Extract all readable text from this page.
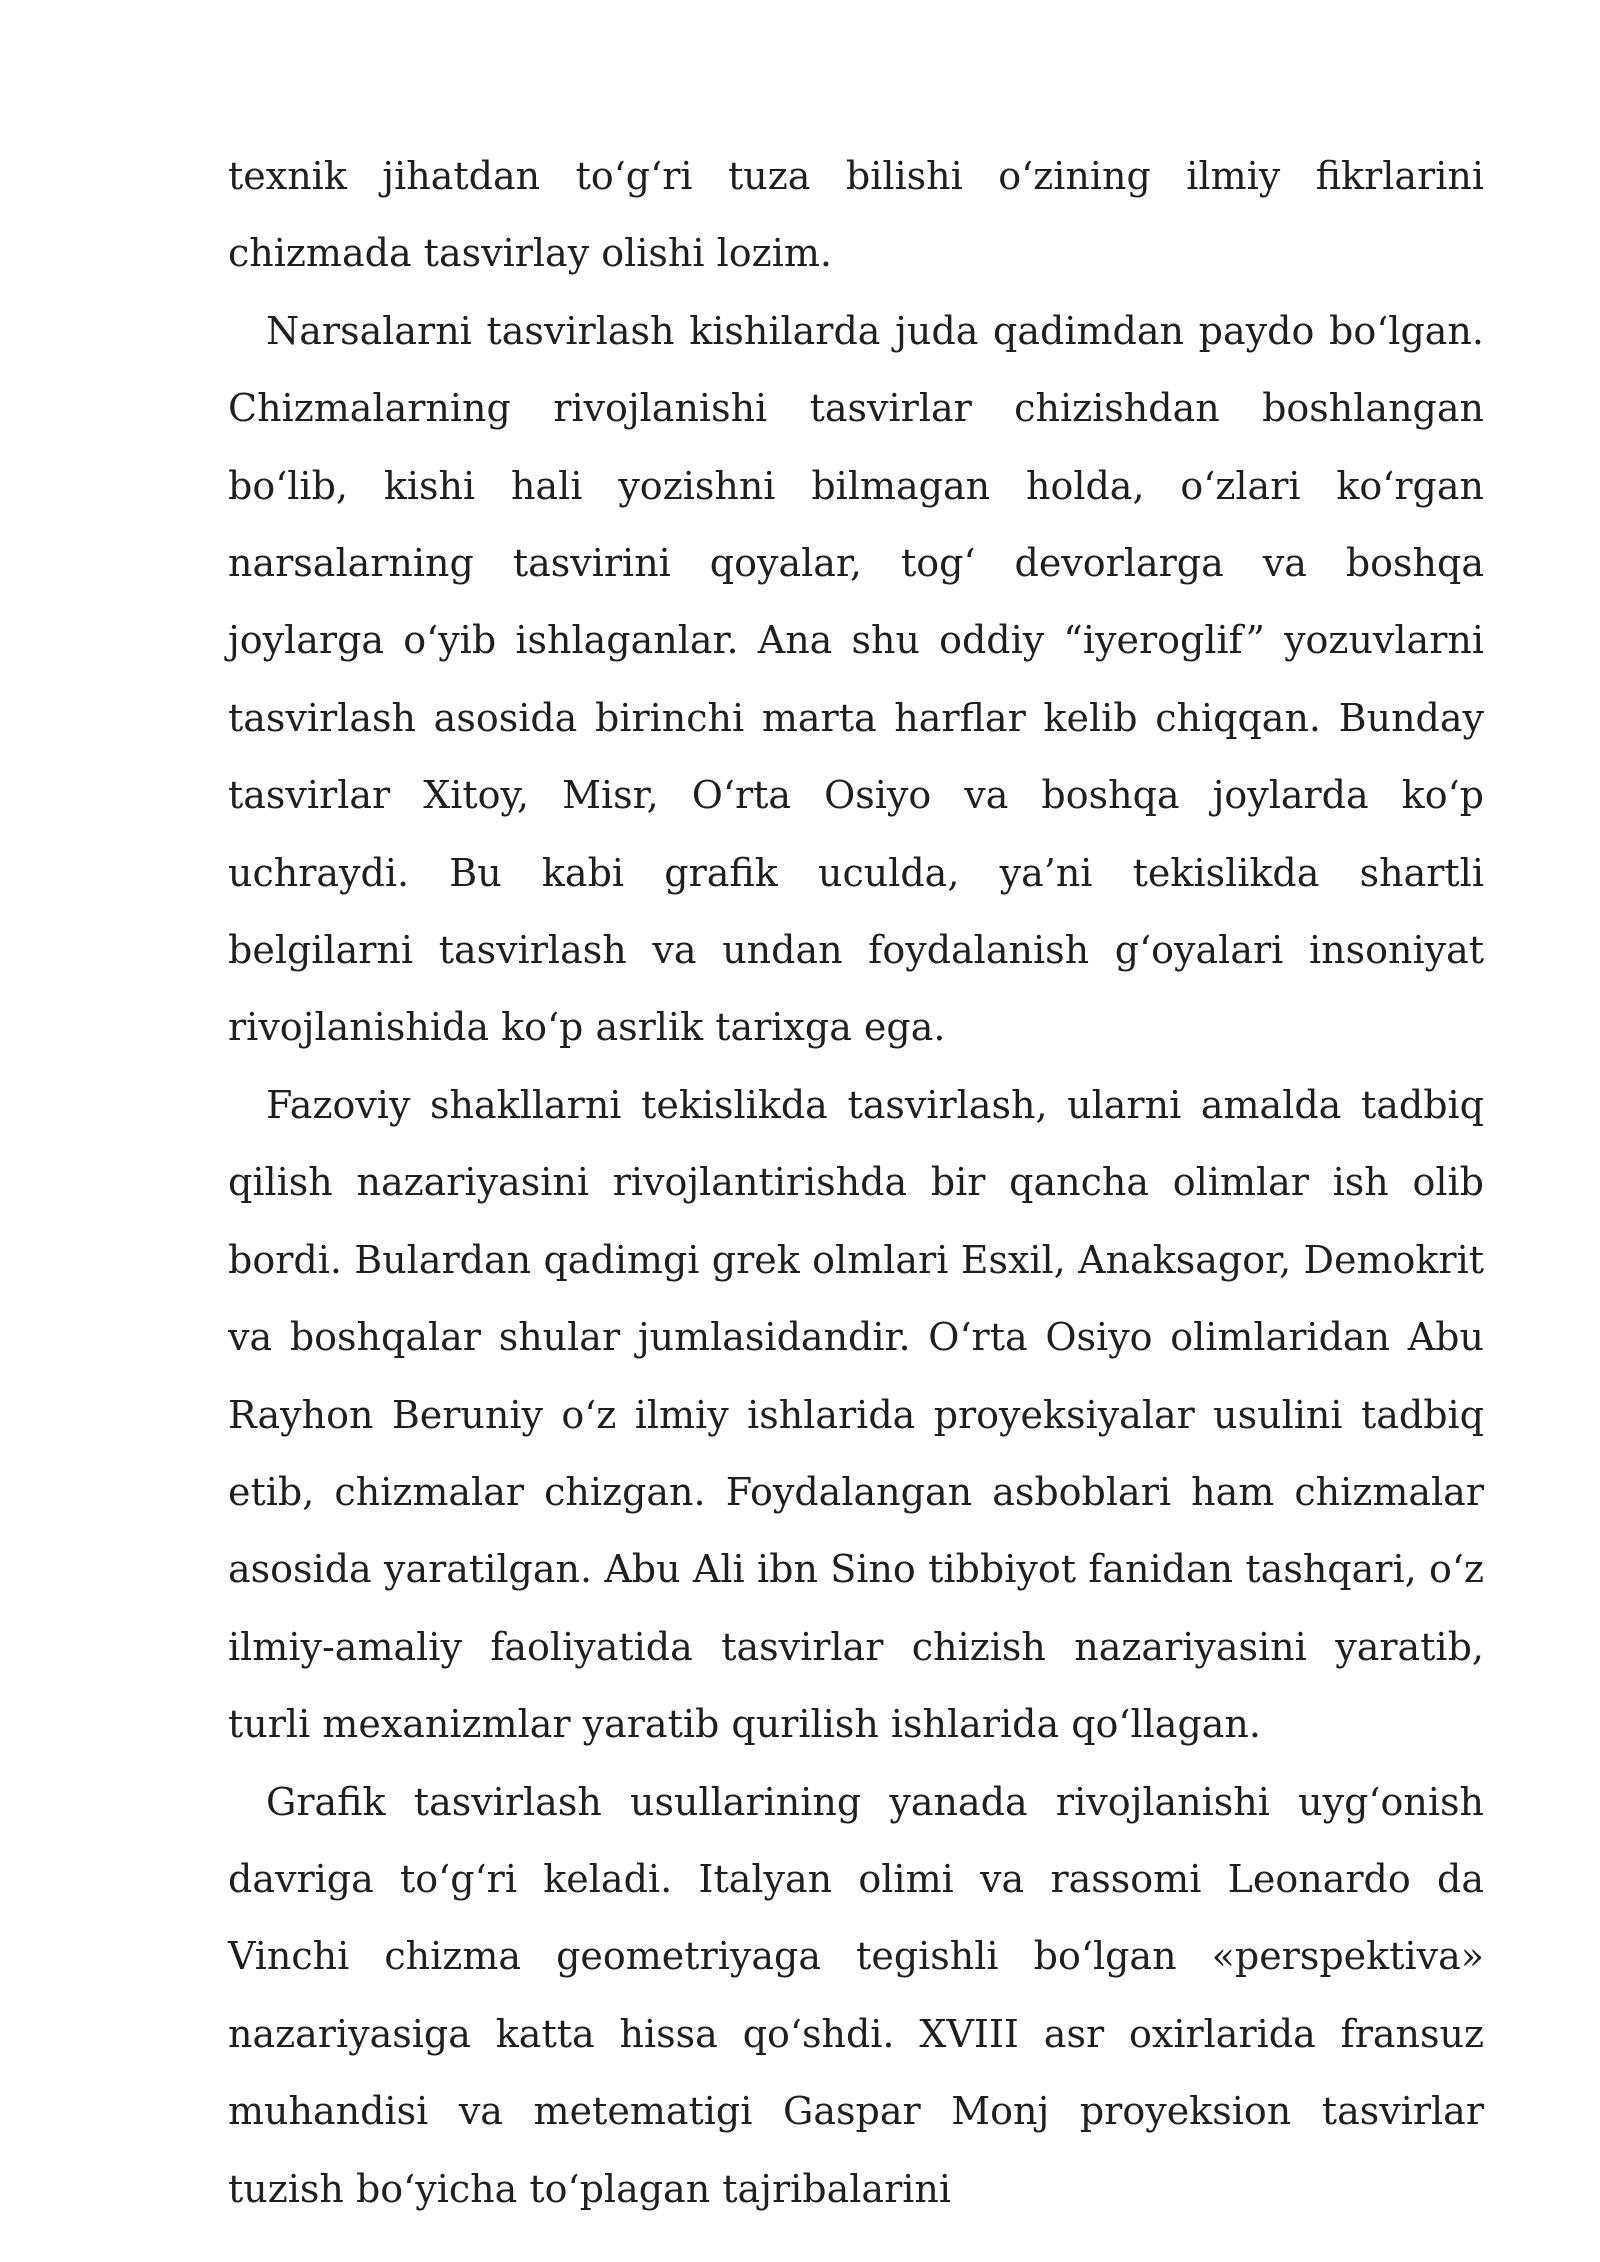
texnik jihatdan to‘g‘ri tuza bilishi o‘zining ilmiy fikrlarini chizmada tasvirlay olishi lozim.

Narsalarni tasvirlash kishilarda juda qadimdan paydo bo‘lgan. Chizmalarning rivojlanishi tasvirlar chizishdan boshlangan bo‘lib, kishi hali yozishni bilmagan holda, o‘zlari ko‘rgan narsalarning tasvirini qoyalar, tog‘ devorlarga va boshqa joylarga o‘yib ishlaganlar. Ana shu oddiy “iyeroglif” yozuvlarni tasvirlash asosida birinchi marta harflar kelib chiqqan. Bunday tasvirlar Xitoy, Misr, O‘rta Osiyo va boshqa joylarda ko‘p uchraydi. Bu kabi grafik uculda, ya’ni tekislikda shartli belgilarni tasvirlash va undan foydalanish g‘oyalari insoniyat rivojlanishida ko‘p asrlik tarixga ega.

Fazoviy shakllarni tekislikda tasvirlash, ularni amalda tadbiq qilish nazariyasini rivojlantirishda bir qancha olimlar ish olib bordi. Bulardan qadimgi grek olmlari Esxil, Anaksagor, Demokrit va boshqalar shular jumlasidandir. O‘rta Osiyo olimlaridan Abu Rayhon Beruniy o‘z ilmiy ishlarida proyeksiyalar usulini tadbiq etib, chizmalar chizgan. Foydalangan asboblari ham chizmalar asosida yaratilgan. Abu Ali ibn Sino tibbiyot fanidan tashqari, o‘z ilmiy-amaliy faoliyatida tasvirlar chizish nazariyasini yaratib, turli mexanizmlar yaratib qurilish ishlarida qo‘llagan.

Grafik tasvirlash usullarining yanada rivojlanishi uyg‘onish davriga to‘g‘ri keladi. Italyan olimi va rassomi Leonardo da Vinchi chizma geometriyaga tegishli bo‘lgan «perspektiva» nazariyasiga katta hissa qo‘shdi. XVIII asr oxirlarida fransuz muhandisi va metematigi Gaspar Monj proyeksion tasvirlar tuzish bo‘yicha to‘plagan tajribalarini
